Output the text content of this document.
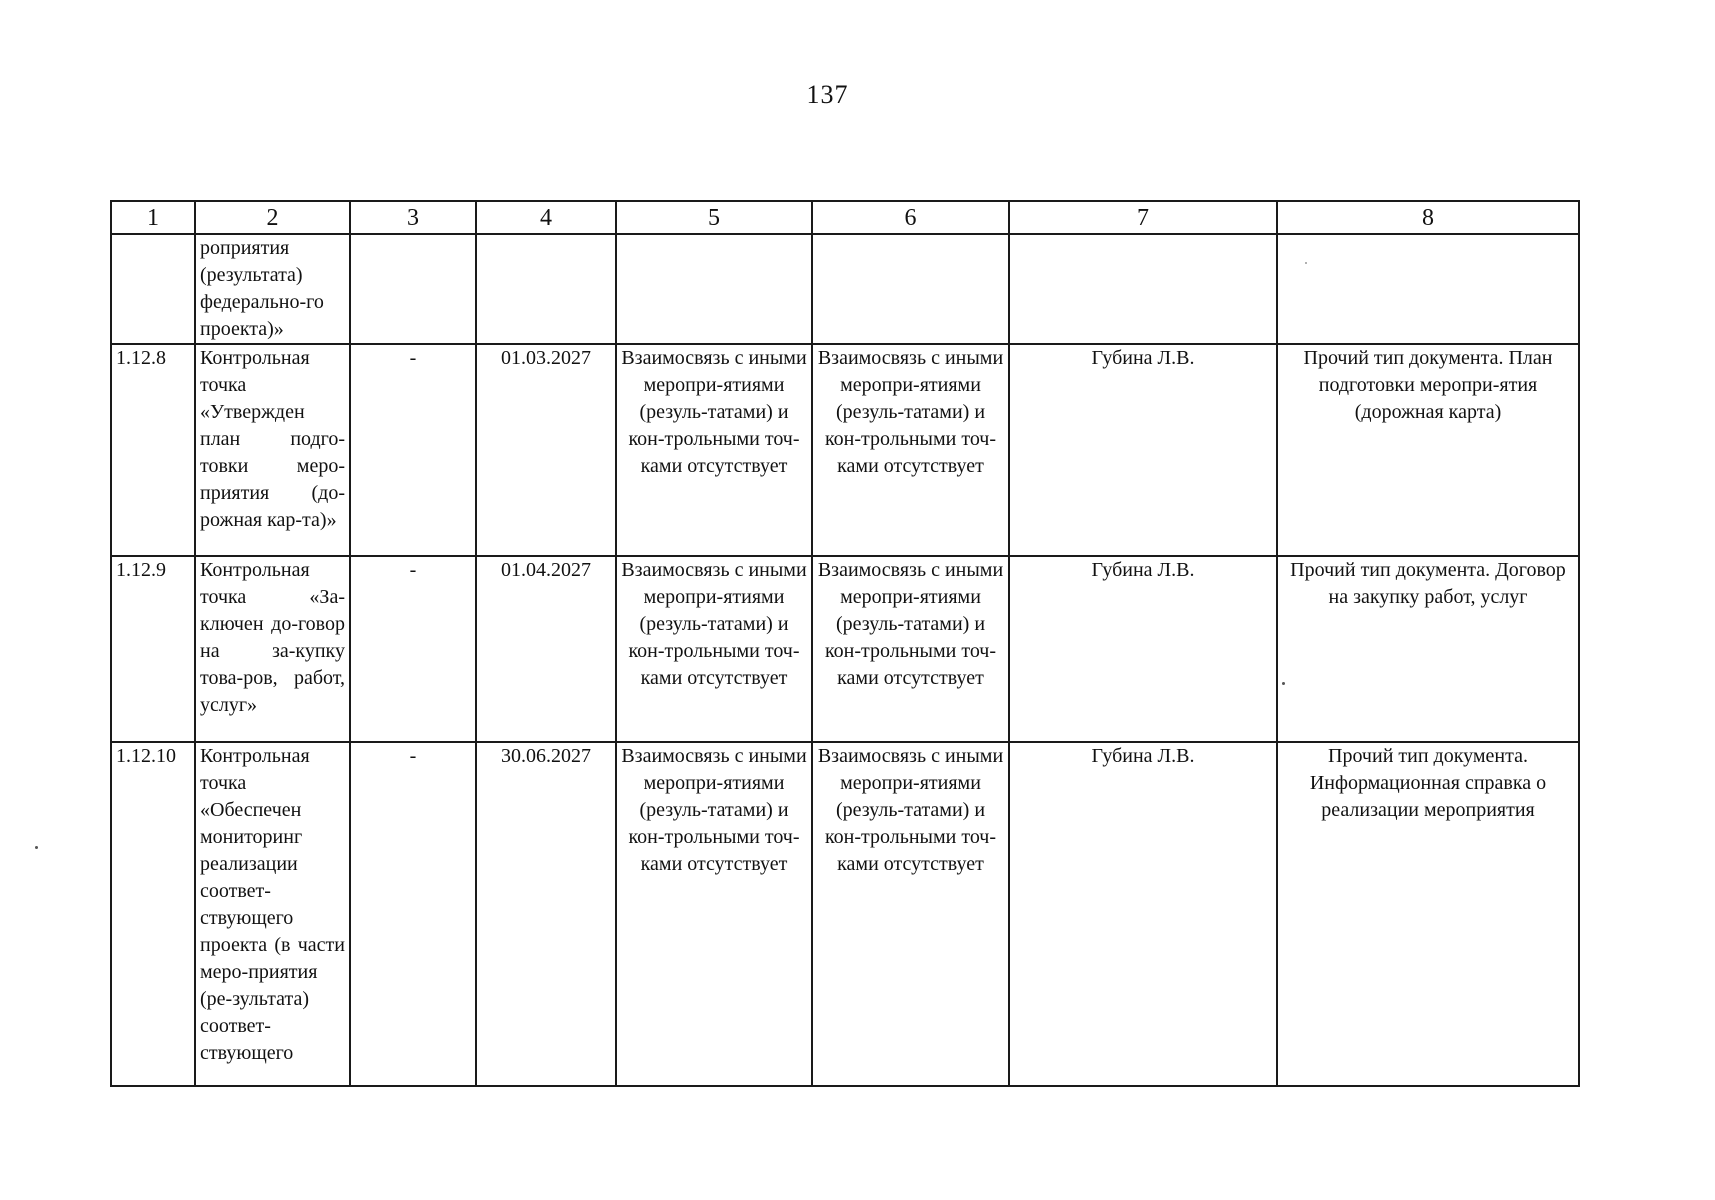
137
1	2	3	4	5	6	7	8
	роприятия (результата) федерально-го проекта)»						
1.12.8	Контрольная точка «Утвержден план подго-товки меро-приятия (до-рожная кар-та)»	-	01.03.2027	Взаимосвязь с иными меропри-ятиями (резуль-татами) и кон-трольными точ-ками отсутствует	Взаимосвязь с иными меропри-ятиями (резуль-татами) и кон-трольными точ-ками отсутствует	Губина Л.В.	Прочий тип документа. План подготовки меропри-ятия (дорожная карта)
1.12.9	Контрольная точка «За-ключен до-говор на за-купку това-ров, работ, услуг»	-	01.04.2027	Взаимосвязь с иными меропри-ятиями (резуль-татами) и кон-трольными точ-ками отсутствует	Взаимосвязь с иными меропри-ятиями (резуль-татами) и кон-трольными точ-ками отсутствует	Губина Л.В.	Прочий тип документа. Договор на закупку работ, услуг
1.12.10	Контрольная точка «Обеспечен мониторинг реализации соответ-ствующего проекта (в части меро-приятия (ре-зультата) соответ-ствующего	-	30.06.2027	Взаимосвязь с иными меропри-ятиями (резуль-татами) и кон-трольными точ-ками отсутствует	Взаимосвязь с иными меропри-ятиями (резуль-татами) и кон-трольными точ-ками отсутствует	Губина Л.В.	Прочий тип документа. Информационная справка о реализации мероприятия
